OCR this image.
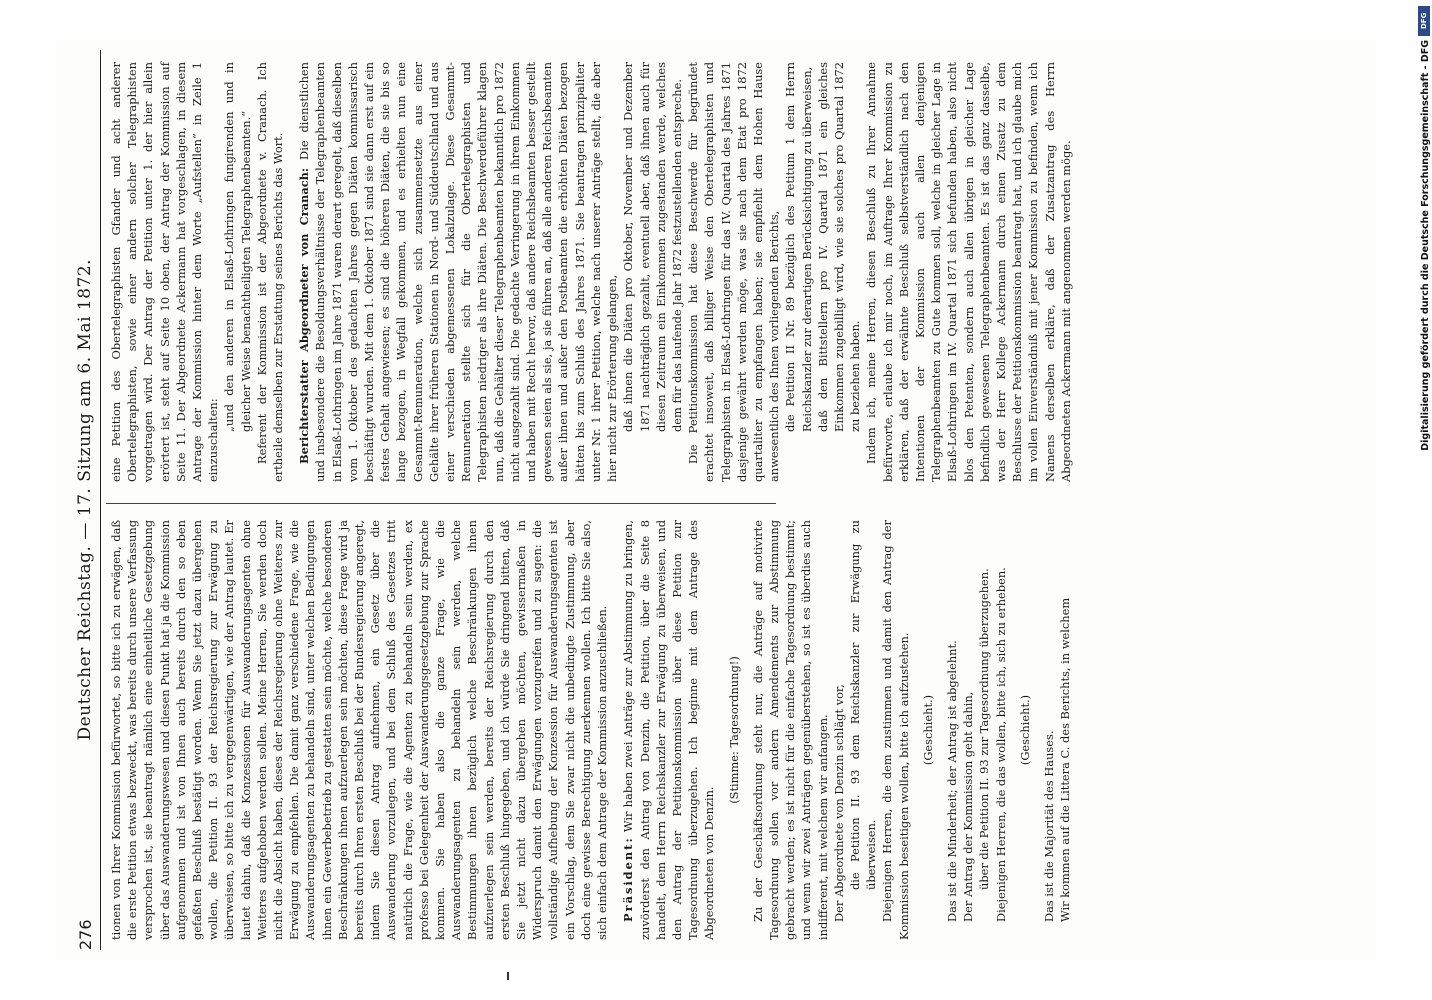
276
Deutscher Reichstag. — 17. Sitzung am 6. Mai 1872. tionen von Ihrer Kommission befürwortet, so bitte ich zu erwägen, daß die erste Petition etwas bezweckt, was bereits durch unsere Verfassung versprochen ist, sie beantragt nämlich eine einheitliche Gesetzgebung über das Auswanderungswesen und diesen Punkt hat ja die Kommission aufgenommen und ist von Ihnen auch bereits durch den so eben gefaßten Beschluß bestätigt worden. Wenn Sie jetzt dazu übergehen wollen, die Petition II. 93 der Reichsregierung zur Erwägung zu überweisen, so bitte ich zu vergegenwärtigen, wie der Antrag lautet. Er lautet dahin, daß die Konzessionen für Auswanderungsagenten ohne Weiteres aufgehoben werden sollen. Meine Herren, Sie werden doch nicht die Absicht haben, dieses der Reichsregierung ohne Weiteres zur Erwägung zu empfehlen. Die damit ganz verschiedene Frage, wie die Auswanderungsagenten zu behandeln sind, unter welchen Bedingungen ihnen ein Gewerbebetrieb zu gestatten sein möchte, welche besonderen Beschränkungen ihnen aufzuerlegen sein möchten, diese Frage wird ja bereits durch Ihren ersten Beschluß bei der Bundesregierung angeregt, indem Sie diesen Antrag aufnehmen, ein Gesetz über die Auswanderung vorzulegen, und bei dem Schluß des Gesetzes tritt natürlich die Frage, wie die Agenten zu behandeln sein werden, ex professo bei Gelegenheit der Auswanderungsgesetzgebung zur Sprache kommen. Sie haben also die ganze Frage, wie die Auswanderungsagenten zu behandeln sein werden, welche Bestimmungen ihnen bezüglich welche Beschränkungen ihnen aufzuerlegen sein werden, bereits der Reichsregierung durch den ersten Beschluß hingegeben, und ich würde Sie dringend bitten, daß Sie jetzt nicht dazu übergehen möchten, gewissermaßen in Widerspruch damit den Erwägungen vorzugreifen und zu sagen: die vollständige Aufhebung der Konzession für Auswanderungsagenten ist ein Vorschlag, dem Sie zwar nicht die unbedingte Zustimmung, aber doch eine gewisse Berechtigung zuerkennen wollen. Ich bitte Sie also, sich einfach dem Antrage der Kommission anzuschließen. Präsident: Wir haben zwei Anträge zur Abstimmung zu bringen, zuvörderst den Antrag von Denzin, die Petition, über die Seite 8 handelt, dem Herrn Reichskanzler zur Erwägung zu überweisen, und den Antrag der Petitionskommission über diese Petition zur Tagesordnung überzugehen. Ich beginne mit dem Antrage des Abgeordneten von Denzin.

(Stimme: Tagesordnung!) Zu der Geschäftsordnung steht nur, die Anträge auf motivirte Tagesordnung sollen vor andern Amendements zur Abstimmung gebracht werden; es ist nicht für die einfache Tagesordnung bestimmt; und wenn wir zwei Anträgen gegenüberstehen, so ist es überdies auch indifferent, mit welchem wir anfangen. Der Abgeordnete von Denzin schlägt vor, die Petition II. 93 dem Reichskanzler zur Erwägung zu überweisen. Diejenigen Herren, die dem zustimmen und damit den Antrag der Kommission beseitigen wollen, bitte ich aufzustehen. (Geschieht.) Das ist die Minderheit; der Antrag ist abgelehnt. Der Antrag der Kommission geht dahin, über die Petition II. 93 zur Tagesordnung überzugehen. Diejenigen Herren, die das wollen, bitte ich, sich zu erheben. (Geschieht.)

Das ist die Majorität des Hauses. Wir kommen auf die Littera C. des Berichts, in welchem

eine Petition des Obertelegraphisten Gfander und acht anderer Obertelegraphisten, sowie einer andern solcher Telegraphisten vorgetragen wird. Der Antrag der Petition unter 1. der hier allein erörtert ist, steht auf Seite 10 oben, der Antrag der Kommission auf Seite 11. Der Abgeordnete Ackermann hat vorgeschlagen, in diesem Antrage der Kommission hinter dem Worte „Aufstellen“ in Zeile 1 einzuschalten:

„und den anderen in Elsaß-Lothringen fungirenden und in gleicher Weise benachtheiligten Telegraphenbeamten.“ Referent der Kommission ist der Abgeordnete v. Cranach. Ich ertheile demselben zur Erstattung seines Berichts das Wort. Berichterstatter Abgeordneter von Cranach: Die dienstlichen und insbesondere die Besoldungsverhältnisse der Telegraphenbeamten in Elsaß-Lothringen im Jahre 1871 waren derart geregelt, daß dieselben vom 1. Oktober des gedachten Jahres gegen Diäten kommissarisch beschäftigt wurden. Mit dem 1. Oktober 1871 sind sie dann erst auf ein festes Gehalt angewiesen; es sind die höheren Diäten, die sie bis so lange bezogen, in Wegfall gekommen, und es erhielten nun eine Gesammt-Remuneration, welche sich zusammensetzte aus einer Gehälte ihrer früheren Stationen in Nord- und Süddeutschland und aus einer verschieden abgemessenen Lokalzulage. Diese Gesammt-Remuneration stellte sich für die Obertelegraphisten und Telegraphisten niedriger als ihre Diäten. Die Beschwerdeführer klagen nun, daß die Gehälter dieser Telegraphenbeamten bekanntlich pro 1872 nicht ausgezahlt sind. Die gedachte Verringerung in ihrem Einkommen und haben mit Recht hervor, daß andere Reichsbeamten besser gestellt gewesen seien als sie, ja sie führen an, daß alle anderen Reichsbeamten außer ihnen und außer den Postbeamten die erhöhten Diäten bezogen hätten bis zum Schluß des Jahres 1871. Sie beantragen prinzipaliter unter Nr. 1 ihrer Petition, welche nach unserer Anträge stellt, die aber hier nicht zur Erörterung gelangen, daß ihnen die Diäten pro Oktober, November und Dezember 1871 nachträglich gezahlt, eventuell aber, daß ihnen auch für diesen Zeitraum ein Einkommen zugestanden werde, welches dem für das laufende Jahr 1872 festzustellenden entspreche. Die Petitionskommission hat diese Beschwerde für begründet erachtet insoweit, daß billiger Weise den Obertelegraphisten und Telegraphisten in Elsaß-Lothringen für das IV. Quartal des Jahres 1871 dasjenige gewährt werden möge, was sie nach dem Etat pro 1872 quartaliter zu empfangen haben; sie empfiehlt dem Hohen Hause anwesentlich des Ihnen vorliegenden Berichts, die Petition II Nr. 89 bezüglich des Petitum 1 dem Herrn Reichskanzler zur derartigen Berücksichtigung zu überweisen, daß den Bittstellern pro IV. Quartal 1871 ein gleiches Einkommen zugebilligt wird, wie sie solches pro Quartal 1872 zu beziehen haben. Indem ich, meine Herren, diesen Beschluß zu Ihrer Annahme befürworte, erlaube ich mir noch, im Auftrage Ihrer Kommission zu erklären, daß der erwähnte Beschluß selbstverständlich nach den Intentionen der Kommission auch allen denjenigen Telegraphenbeamten zu Gute kommen soll, welche in gleicher Lage in Elsaß-Lothringen im IV. Quartal 1871 sich befunden haben, also nicht blos den Petenten, sondern auch allen übrigen in gleicher Lage befindlich gewesenen Telegraphenbeamten. Es ist das ganz dasselbe, was der Herr Kollege Ackermann durch einen Zusatz zu dem Beschlusse der Petitionskommission beantragt hat, und ich glaube mich im vollen Einverständniß mit jener Kommission zu befinden, wenn ich Namens derselben erkläre, daß der Zusatzantrag des Herrn Abgeordneten Ackermann mit angenommen werden möge.

DFG
Digitalisierung gefördert durch die Deutsche Forschungsgemeinschaft - DFG
